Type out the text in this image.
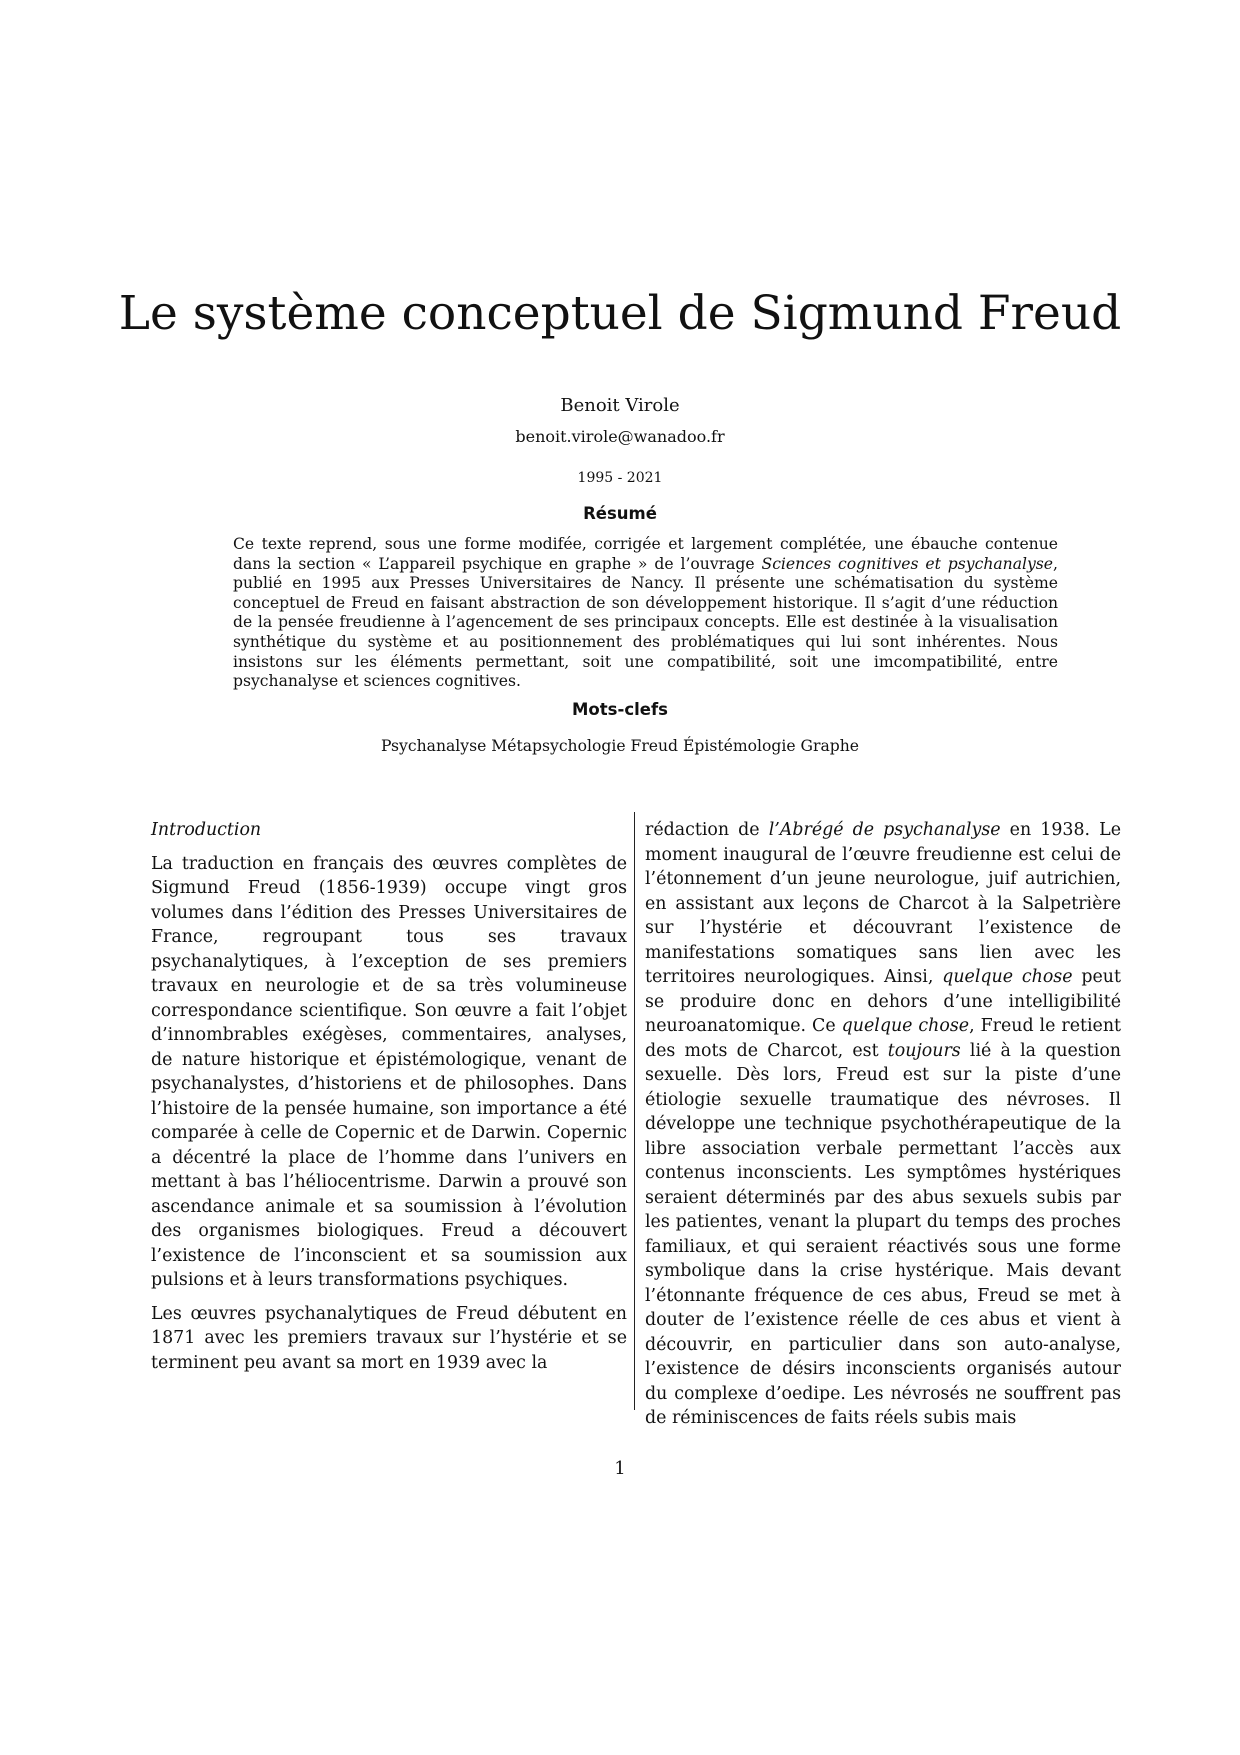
Le système conceptuel de Sigmund Freud
Benoit Virole
benoit.virole@wanadoo.fr
1995 - 2021
Résumé

Ce texte reprend, sous une forme modifée, corrigée et largement complétée, une ébauche contenue dans la section « L’appareil psychique en graphe » de l’ouvrage Sciences cognitives et psychanalyse, publié en 1995 aux Presses Universitaires de Nancy. Il présente une schématisation du système conceptuel de Freud en faisant abstraction de son développement historique. Il s’agit d’une réduction de la pensée freudienne à l’agencement de ses principaux concepts. Elle est destinée à la visualisation synthétique du système et au positionnement des problématiques qui lui sont inhérentes. Nous insistons sur les éléments permettant, soit une compatibilité, soit une imcompatibilité, entre psychanalyse et sciences cognitives.

Mots-clefs
Psychanalyse Métapsychologie Freud Épistémologie Graphe

Introduction

La traduction en français des œuvres complètes de Sigmund Freud (1856-1939) occupe vingt gros volumes dans l’édition des Presses Universitaires de France, regroupant tous ses travaux psychanalytiques, à l’exception de ses premiers travaux en neurologie et de sa très volumineuse correspondance scientifique. Son œuvre a fait l’objet d’innombrables exégèses, commentaires, analyses, de nature historique et épistémologique, venant de psychanalystes, d’historiens et de philosophes. Dans l’histoire de la pensée humaine, son importance a été comparée à celle de Copernic et de Darwin. Copernic a décentré la place de l’homme dans l’univers en mettant à bas l’héliocentrisme. Darwin a prouvé son ascendance animale et sa soumission à l’évolution des organismes biologiques. Freud a découvert l’existence de l’inconscient et sa soumission aux pulsions et à leurs transformations psychiques.

Les œuvres psychanalytiques de Freud débutent en 1871 avec les premiers travaux sur l’hystérie et se terminent peu avant sa mort en 1939 avec la

rédaction de l’Abrégé de psychanalyse en 1938. Le moment inaugural de l’œuvre freudienne est celui de l’étonnement d’un jeune neurologue, juif autrichien, en assistant aux leçons de Charcot à la Salpetrière sur l’hystérie et découvrant l’existence de manifestations somatiques sans lien avec les territoires neurologiques. Ainsi, quelque chose peut se produire donc en dehors d’une intelligibilité neuroanatomique. Ce quelque chose, Freud le retient des mots de Charcot, est toujours lié à la question sexuelle. Dès lors, Freud est sur la piste d’une étiologie sexuelle traumatique des névroses. Il développe une technique psychothérapeutique de la libre association verbale permettant l’accès aux contenus inconscients. Les symptômes hystériques seraient déterminés par des abus sexuels subis par les patientes, venant la plupart du temps des proches familiaux, et qui seraient réactivés sous une forme symbolique dans la crise hystérique. Mais devant l’étonnante fréquence de ces abus, Freud se met à douter de l’existence réelle de ces abus et vient à découvrir, en particulier dans son auto-analyse, l’existence de désirs inconscients organisés autour du complexe d’oedipe. Les névrosés ne souffrent pas de réminiscences de faits réels subis mais

1
